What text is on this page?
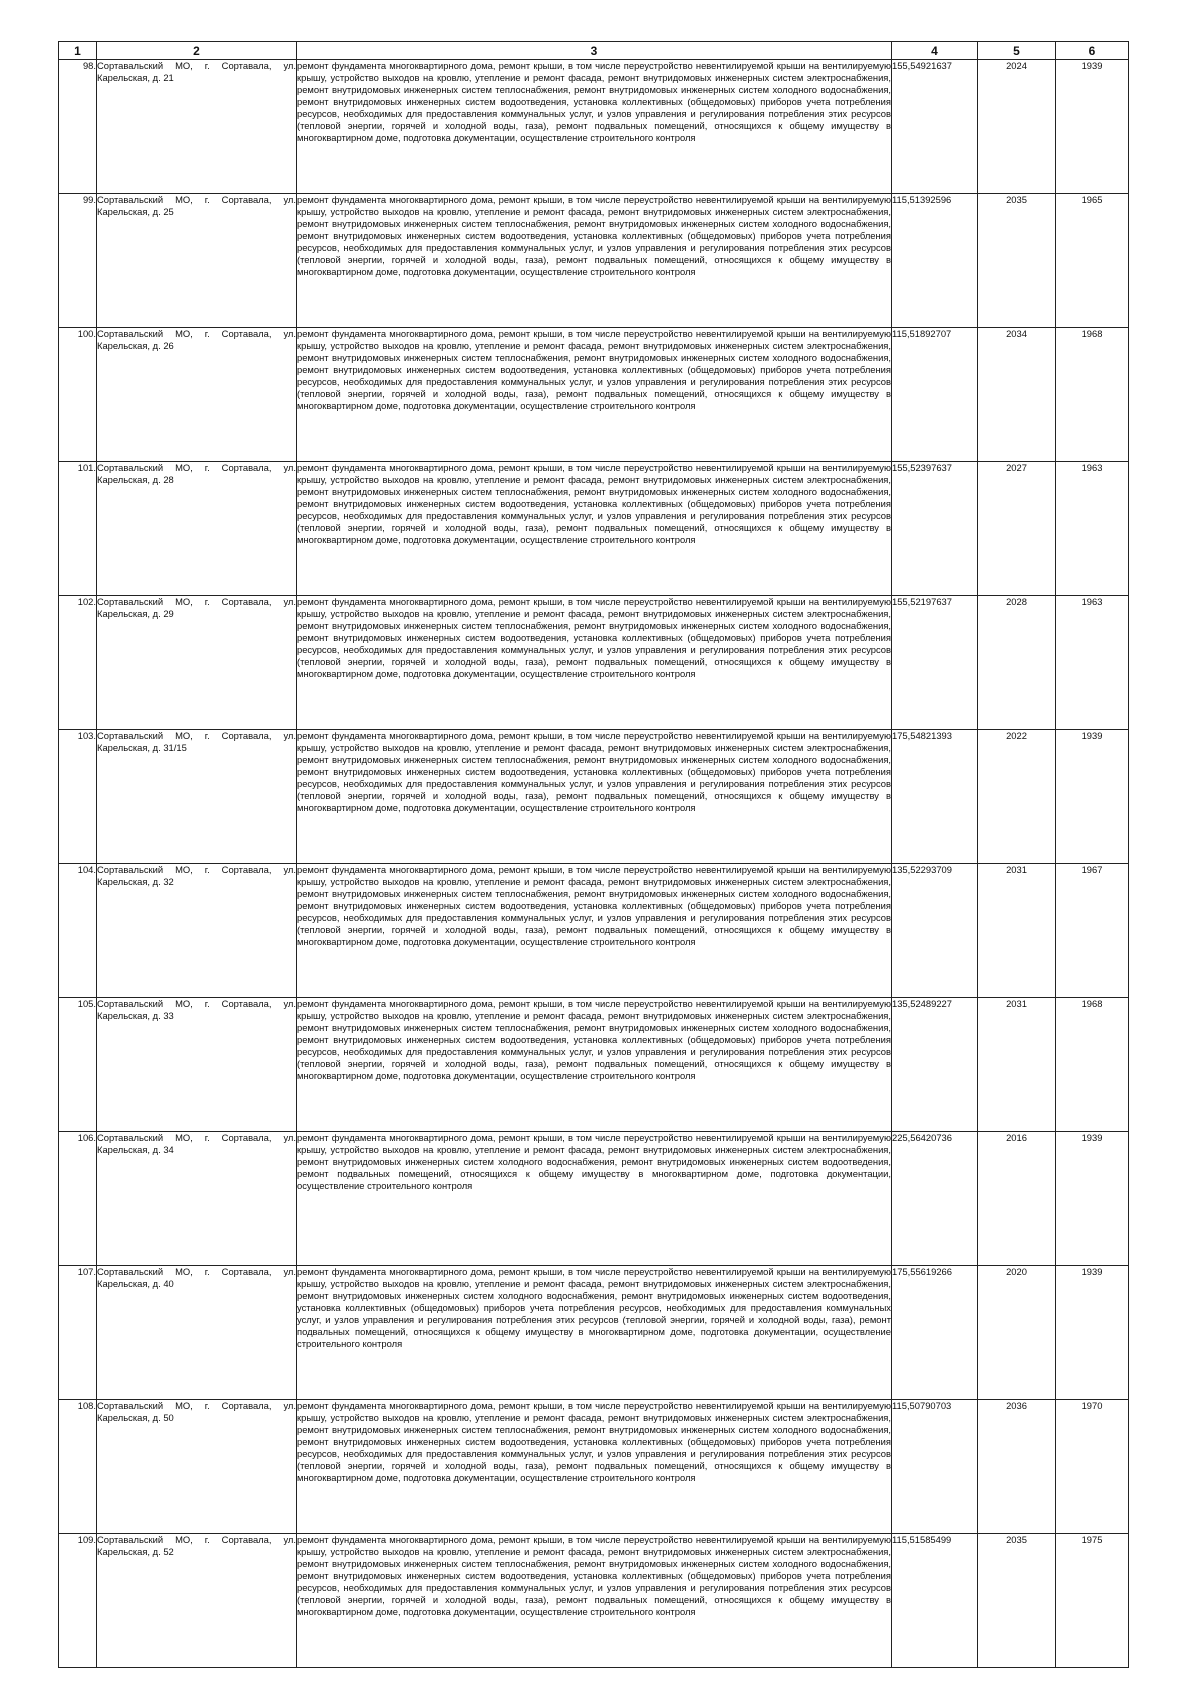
1	2	3	4	5	6
98.	Сортавальский МО, г. Сортавала, ул. Карельская, д. 21	ремонт фундамента многоквартирного дома, ремонт крыши, в том числе переустройство невентилируемой крыши на вентилируемую крышу, устройство выходов на кровлю, утепление и ремонт фасада, ремонт внутридомовых инженерных систем электроснабжения, ремонт внутридомовых инженерных систем теплоснабжения, ремонт внутридомовых инженерных систем холодного водоснабжения, ремонт внутридомовых инженерных систем водоотведения, установка коллективных (общедомовых) приборов учета потребления ресурсов, необходимых для предоставления коммунальных услуг, и узлов управления и регулирования потребления этих ресурсов (тепловой энергии, горячей и холодной воды, газа), ремонт подвальных помещений, относящихся к общему имуществу в многоквартирном доме, подготовка документации, осуществление строительного контроля	155,54921637	2024	1939
99.	Сортавальский МО, г. Сортавала, ул. Карельская, д. 25	ремонт фундамента многоквартирного дома, ремонт крыши, в том числе переустройство невентилируемой крыши на вентилируемую крышу, устройство выходов на кровлю, утепление и ремонт фасада, ремонт внутридомовых инженерных систем электроснабжения, ремонт внутридомовых инженерных систем теплоснабжения, ремонт внутридомовых инженерных систем холодного водоснабжения, ремонт внутридомовых инженерных систем водоотведения, установка коллективных (общедомовых) приборов учета потребления ресурсов, необходимых для предоставления коммунальных услуг, и узлов управления и регулирования потребления этих ресурсов (тепловой энергии, горячей и холодной воды, газа), ремонт подвальных помещений, относящихся к общему имуществу в многоквартирном доме, подготовка документации, осуществление строительного контроля	115,51392596	2035	1965
100.	Сортавальский МО, г. Сортавала, ул. Карельская, д. 26	ремонт фундамента многоквартирного дома, ремонт крыши, в том числе переустройство невентилируемой крыши на вентилируемую крышу, устройство выходов на кровлю, утепление и ремонт фасада, ремонт внутридомовых инженерных систем электроснабжения, ремонт внутридомовых инженерных систем теплоснабжения, ремонт внутридомовых инженерных систем холодного водоснабжения, ремонт внутридомовых инженерных систем водоотведения, установка коллективных (общедомовых) приборов учета потребления ресурсов, необходимых для предоставления коммунальных услуг, и узлов управления и регулирования потребления этих ресурсов (тепловой энергии, горячей и холодной воды, газа), ремонт подвальных помещений, относящихся к общему имуществу в многоквартирном доме, подготовка документации, осуществление строительного контроля	115,51892707	2034	1968
101.	Сортавальский МО, г. Сортавала, ул. Карельская, д. 28	ремонт фундамента многоквартирного дома, ремонт крыши, в том числе переустройство невентилируемой крыши на вентилируемую крышу, устройство выходов на кровлю, утепление и ремонт фасада, ремонт внутридомовых инженерных систем электроснабжения, ремонт внутридомовых инженерных систем теплоснабжения, ремонт внутридомовых инженерных систем холодного водоснабжения, ремонт внутридомовых инженерных систем водоотведения, установка коллективных (общедомовых) приборов учета потребления ресурсов, необходимых для предоставления коммунальных услуг, и узлов управления и регулирования потребления этих ресурсов (тепловой энергии, горячей и холодной воды, газа), ремонт подвальных помещений, относящихся к общему имуществу в многоквартирном доме, подготовка документации, осуществление строительного контроля	155,52397637	2027	1963
102.	Сортавальский МО, г. Сортавала, ул. Карельская, д. 29	ремонт фундамента многоквартирного дома, ремонт крыши, в том числе переустройство невентилируемой крыши на вентилируемую крышу, устройство выходов на кровлю, утепление и ремонт фасада, ремонт внутридомовых инженерных систем электроснабжения, ремонт внутридомовых инженерных систем теплоснабжения, ремонт внутридомовых инженерных систем холодного водоснабжения, ремонт внутридомовых инженерных систем водоотведения, установка коллективных (общедомовых) приборов учета потребления ресурсов, необходимых для предоставления коммунальных услуг, и узлов управления и регулирования потребления этих ресурсов (тепловой энергии, горячей и холодной воды, газа), ремонт подвальных помещений, относящихся к общему имуществу в многоквартирном доме, подготовка документации, осуществление строительного контроля	155,52197637	2028	1963
103.	Сортавальский МО, г. Сортавала, ул. Карельская, д. 31/15	ремонт фундамента многоквартирного дома, ремонт крыши, в том числе переустройство невентилируемой крыши на вентилируемую крышу, устройство выходов на кровлю, утепление и ремонт фасада, ремонт внутридомовых инженерных систем электроснабжения, ремонт внутридомовых инженерных систем теплоснабжения, ремонт внутридомовых инженерных систем холодного водоснабжения, ремонт внутридомовых инженерных систем водоотведения, установка коллективных (общедомовых) приборов учета потребления ресурсов, необходимых для предоставления коммунальных услуг, и узлов управления и регулирования потребления этих ресурсов (тепловой энергии, горячей и холодной воды, газа), ремонт подвальных помещений, относящихся к общему имуществу в многоквартирном доме, подготовка документации, осуществление строительного контроля	175,54821393	2022	1939
104.	Сортавальский МО, г. Сортавала, ул. Карельская, д. 32	ремонт фундамента многоквартирного дома, ремонт крыши, в том числе переустройство невентилируемой крыши на вентилируемую крышу, устройство выходов на кровлю, утепление и ремонт фасада, ремонт внутридомовых инженерных систем электроснабжения, ремонт внутридомовых инженерных систем теплоснабжения, ремонт внутридомовых инженерных систем холодного водоснабжения, ремонт внутридомовых инженерных систем водоотведения, установка коллективных (общедомовых) приборов учета потребления ресурсов, необходимых для предоставления коммунальных услуг, и узлов управления и регулирования потребления этих ресурсов (тепловой энергии, горячей и холодной воды, газа), ремонт подвальных помещений, относящихся к общему имуществу в многоквартирном доме, подготовка документации, осуществление строительного контроля	135,52293709	2031	1967
105.	Сортавальский МО, г. Сортавала, ул. Карельская, д. 33	ремонт фундамента многоквартирного дома, ремонт крыши, в том числе переустройство невентилируемой крыши на вентилируемую крышу, устройство выходов на кровлю, утепление и ремонт фасада, ремонт внутридомовых инженерных систем электроснабжения, ремонт внутридомовых инженерных систем теплоснабжения, ремонт внутридомовых инженерных систем холодного водоснабжения, ремонт внутридомовых инженерных систем водоотведения, установка коллективных (общедомовых) приборов учета потребления ресурсов, необходимых для предоставления коммунальных услуг, и узлов управления и регулирования потребления этих ресурсов (тепловой энергии, горячей и холодной воды, газа), ремонт подвальных помещений, относящихся к общему имуществу в многоквартирном доме, подготовка документации, осуществление строительного контроля	135,52489227	2031	1968
106.	Сортавальский МО, г. Сортавала, ул. Карельская, д. 34	ремонт фундамента многоквартирного дома, ремонт крыши, в том числе переустройство невентилируемой крыши на вентилируемую крышу, устройство выходов на кровлю, утепление и ремонт фасада, ремонт внутридомовых инженерных систем электроснабжения, ремонт внутридомовых инженерных систем холодного водоснабжения, ремонт внутридомовых инженерных систем водоотведения, ремонт подвальных помещений, относящихся к общему имуществу в многоквартирном доме, подготовка документации, осуществление строительного контроля	225,56420736	2016	1939
107.	Сортавальский МО, г. Сортавала, ул. Карельская, д. 40	ремонт фундамента многоквартирного дома, ремонт крыши, в том числе переустройство невентилируемой крыши на вентилируемую крышу, устройство выходов на кровлю, утепление и ремонт фасада, ремонт внутридомовых инженерных систем электроснабжения, ремонт внутридомовых инженерных систем холодного водоснабжения, ремонт внутридомовых инженерных систем водоотведения, установка коллективных (общедомовых) приборов учета потребления ресурсов, необходимых для предоставления коммунальных услуг, и узлов управления и регулирования потребления этих ресурсов (тепловой энергии, горячей и холодной воды, газа), ремонт подвальных помещений, относящихся к общему имуществу в многоквартирном доме, подготовка документации, осуществление строительного контроля	175,55619266	2020	1939
108.	Сортавальский МО, г. Сортавала, ул. Карельская, д. 50	ремонт фундамента многоквартирного дома, ремонт крыши, в том числе переустройство невентилируемой крыши на вентилируемую крышу, устройство выходов на кровлю, утепление и ремонт фасада, ремонт внутридомовых инженерных систем электроснабжения, ремонт внутридомовых инженерных систем теплоснабжения, ремонт внутридомовых инженерных систем холодного водоснабжения, ремонт внутридомовых инженерных систем водоотведения, установка коллективных (общедомовых) приборов учета потребления ресурсов, необходимых для предоставления коммунальных услуг, и узлов управления и регулирования потребления этих ресурсов (тепловой энергии, горячей и холодной воды, газа), ремонт подвальных помещений, относящихся к общему имуществу в многоквартирном доме, подготовка документации, осуществление строительного контроля	115,50790703	2036	1970
109.	Сортавальский МО, г. Сортавала, ул. Карельская, д. 52	ремонт фундамента многоквартирного дома, ремонт крыши, в том числе переустройство невентилируемой крыши на вентилируемую крышу, устройство выходов на кровлю, утепление и ремонт фасада, ремонт внутридомовых инженерных систем электроснабжения, ремонт внутридомовых инженерных систем теплоснабжения, ремонт внутридомовых инженерных систем холодного водоснабжения, ремонт внутридомовых инженерных систем водоотведения, установка коллективных (общедомовых) приборов учета потребления ресурсов, необходимых для предоставления коммунальных услуг, и узлов управления и регулирования потребления этих ресурсов (тепловой энергии, горячей и холодной воды, газа), ремонт подвальных помещений, относящихся к общему имуществу в многоквартирном доме, подготовка документации, осуществление строительного контроля	115,51585499	2035	1975
